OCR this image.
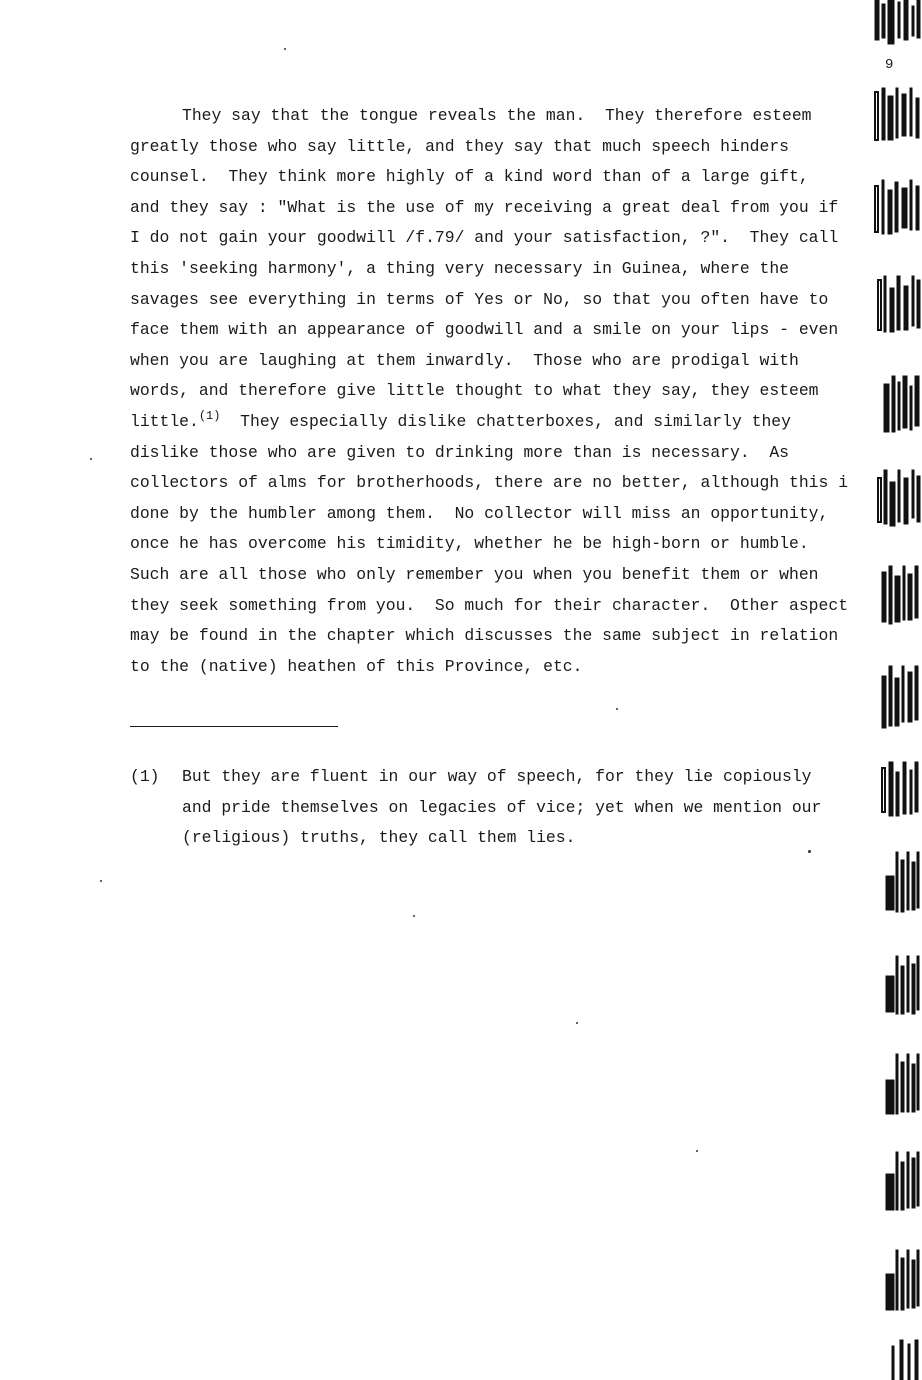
9
They say that the tongue reveals the man.  They therefore esteem
greatly those who say little, and they say that much speech hinders
counsel.  They think more highly of a kind word than of a large gift,
and they say : "What is the use of my receiving a great deal from you if
I do not gain your goodwill /f.79/ and your satisfaction, ?".  They call
this 'seeking harmony', a thing very necessary in Guinea, where the
savages see everything in terms of Yes or No, so that you often have to
face them with an appearance of goodwill and a smile on your lips - even
when you are laughing at them inwardly.  Those who are prodigal with
words, and therefore give little thought to what they say, they esteem
little.$^{(1)}$ They especially dislike chatterboxes, and similarly they
dislike those who are given to drinking more than is necessary.  As
collectors of alms for brotherhoods, there are no better, although this i
done by the humbler among them.  No collector will miss an opportunity,
once he has overcome his timidity, whether he be high-born or humble.
Such are all those who only remember you when you benefit them or when
they seek something from you.  So much for their character.  Other aspect
may be found in the chapter which discusses the same subject in relation
to the (native) heathen of this Province, etc.
(1) But they are fluent in our way of speech, for they lie copiously
and pride themselves on legacies of vice; yet when we mention our
(religious) truths, they call them lies.
